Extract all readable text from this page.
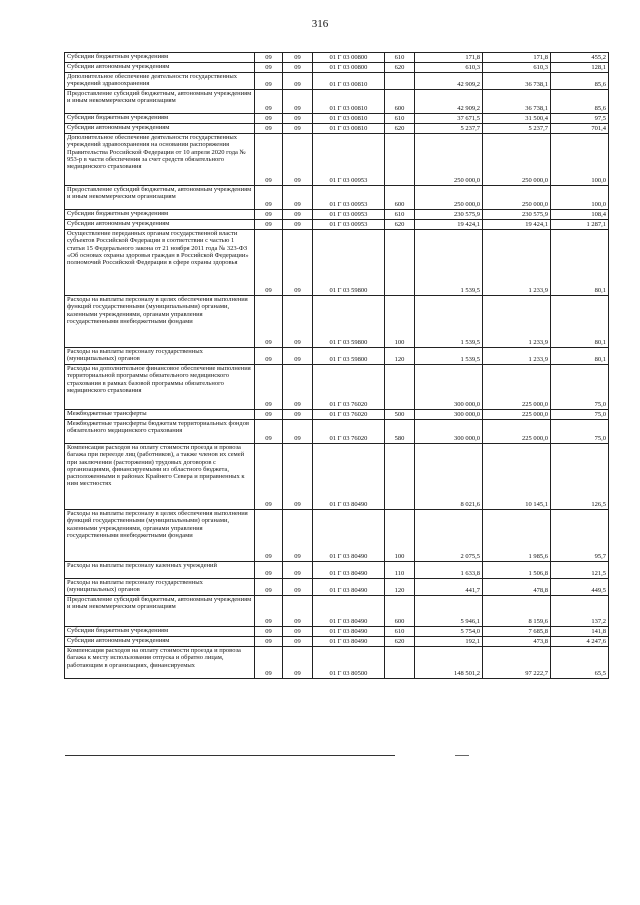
316
Субсидии бюджетным учреждениям	09	09	01 Г 03 00800	610	171,8	171,8	455,2
Субсидии автономным учреждениям	09	09	01 Г 03 00800	620	610,3	610,3	128,1
Дополнительное обеспечение деятельности государственных учреждений здравоохранения	09	09	01 Г 03 00810		42 909,2	36 738,1	85,6
Предоставление субсидий бюджетным, автономным учреждениям и иным некоммерческим организациям	09	09	01 Г 03 00810	600	42 909,2	36 738,1	85,6
Субсидии бюджетным учреждениям	09	09	01 Г 03 00810	610	37 671,5	31 500,4	97,5
Субсидии автономным учреждениям	09	09	01 Г 03 00810	620	5 237,7	5 237,7	701,4
Дополнительное обеспечение деятельности государственных учреждений здравоохранения на основании распоряжения Правительства Российской Федерации от 10 апреля 2020 года № 953-р в части обеспечения за счет средств обязательного медицинского страхования	09	09	01 Г 03 00953		250 000,0	250 000,0	100,0
Предоставление субсидий бюджетным, автономным учреждениям и иным некоммерческим организациям	09	09	01 Г 03 00953	600	250 000,0	250 000,0	100,0
Субсидии бюджетным учреждениям	09	09	01 Г 03 00953	610	230 575,9	230 575,9	108,4
Субсидии автономным учреждениям	09	09	01 Г 03 00953	620	19 424,1	19 424,1	1 287,1
Осуществление переданных органам государственной власти субъектов Российской Федерации в соответствии с частью 1 статьи 15 Федерального закона от 21 ноября 2011 года № 323-ФЗ «Об основах охраны здоровья граждан в Российской Федерации» полномочий Российской Федерации в сфере охраны здоровья	09	09	01 Г 03 59800		1 539,5	1 233,9	80,1
Расходы на выплаты персоналу в целях обеспечения выполнения функций государственными (муниципальными) органами, казенными учреждениями, органами управления государственными внебюджетными фондами	09	09	01 Г 03 59800	100	1 539,5	1 233,9	80,1
Расходы на выплаты персоналу государственных (муниципальных) органов	09	09	01 Г 03 59800	120	1 539,5	1 233,9	80,1
Расходы на дополнительное финансовое обеспечение выполнения территориальной программы обязательного медицинского страхования в рамках базовой программы обязательного медицинского страхования	09	09	01 Г 03 76020		300 000,0	225 000,0	75,0
Межбюджетные трансферты	09	09	01 Г 03 76020	500	300 000,0	225 000,0	75,0
Межбюджетные трансферты бюджетам территориальных фондов обязательного медицинского страхования	09	09	01 Г 03 76020	580	300 000,0	225 000,0	75,0
Компенсация расходов на оплату стоимости проезда и провоза багажа при переезде лиц (работников), а также членов их семей при заключении (расторжении) трудовых договоров с организациями, финансируемыми из областного бюджета, расположенными в районах Крайнего Севера и приравненных к ним местностях	09	09	01 Г 03 80490		8 021,6	10 145,1	126,5
Расходы на выплаты персоналу в целях обеспечения выполнения функций государственными (муниципальными) органами, казенными учреждениями, органами управления государственными внебюджетными фондами	09	09	01 Г 03 80490	100	2 075,5	1 985,6	95,7
Расходы на выплаты персоналу казенных учреждений	09	09	01 Г 03 80490	110	1 633,8	1 506,8	121,5
Расходы на выплаты персоналу государственных (муниципальных) органов	09	09	01 Г 03 80490	120	441,7	478,8	449,5
Предоставление субсидий бюджетным, автономным учреждениям и иным некоммерческим организациям	09	09	01 Г 03 80490	600	5 946,1	8 159,6	137,2
Субсидии бюджетным учреждениям	09	09	01 Г 03 80490	610	5 754,0	7 685,8	141,8
Субсидии автономным учреждениям	09	09	01 Г 03 80490	620	192,1	473,8	4 247,6
Компенсация расходов на оплату стоимости проезда и провоза багажа к месту использования отпуска и обратно лицам, работающим в организациях, финансируемых	09	09	01 Г 03 80500		148 501,2	97 222,7	65,5
